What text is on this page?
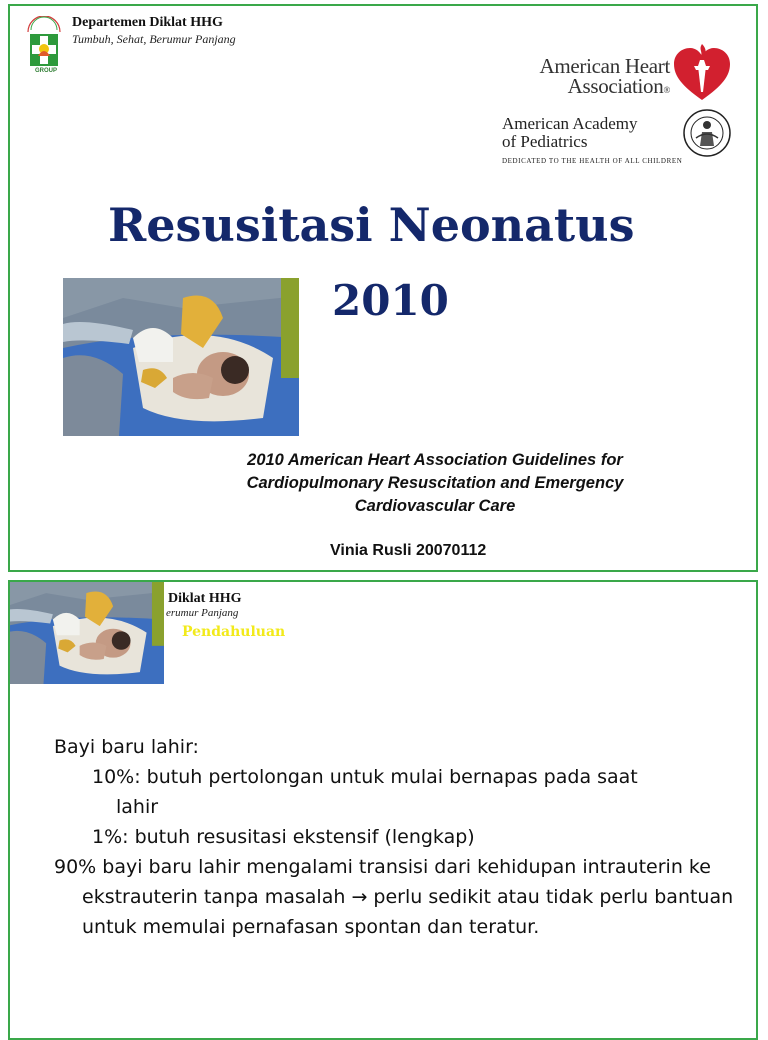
GROUP
Departemen Diklat HHG
Tumbuh, Sehat, Berumur Panjang
American Heart
Association®
American Academy
of Pediatrics
DEDICATED TO THE HEALTH OF ALL CHILDREN
Resusitasi Neonatus
2010
2010 American Heart Association Guidelines for
Cardiopulmonary Resuscitation and Emergency
Cardiovascular Care
Vinia Rusli 20070112
Diklat HHG
erumur Panjang
Pendahuluan

Bayi baru lahir:

10%: butuh pertolongan untuk mulai bernapas pada saat
lahir

1%: butuh resusitasi ekstensif (lengkap)

90% bayi baru lahir mengalami transisi dari kehidupan intrauterin ke ekstrauterin tanpa masalah → perlu sedikit atau tidak perlu bantuan untuk memulai pernafasan spontan dan teratur.
